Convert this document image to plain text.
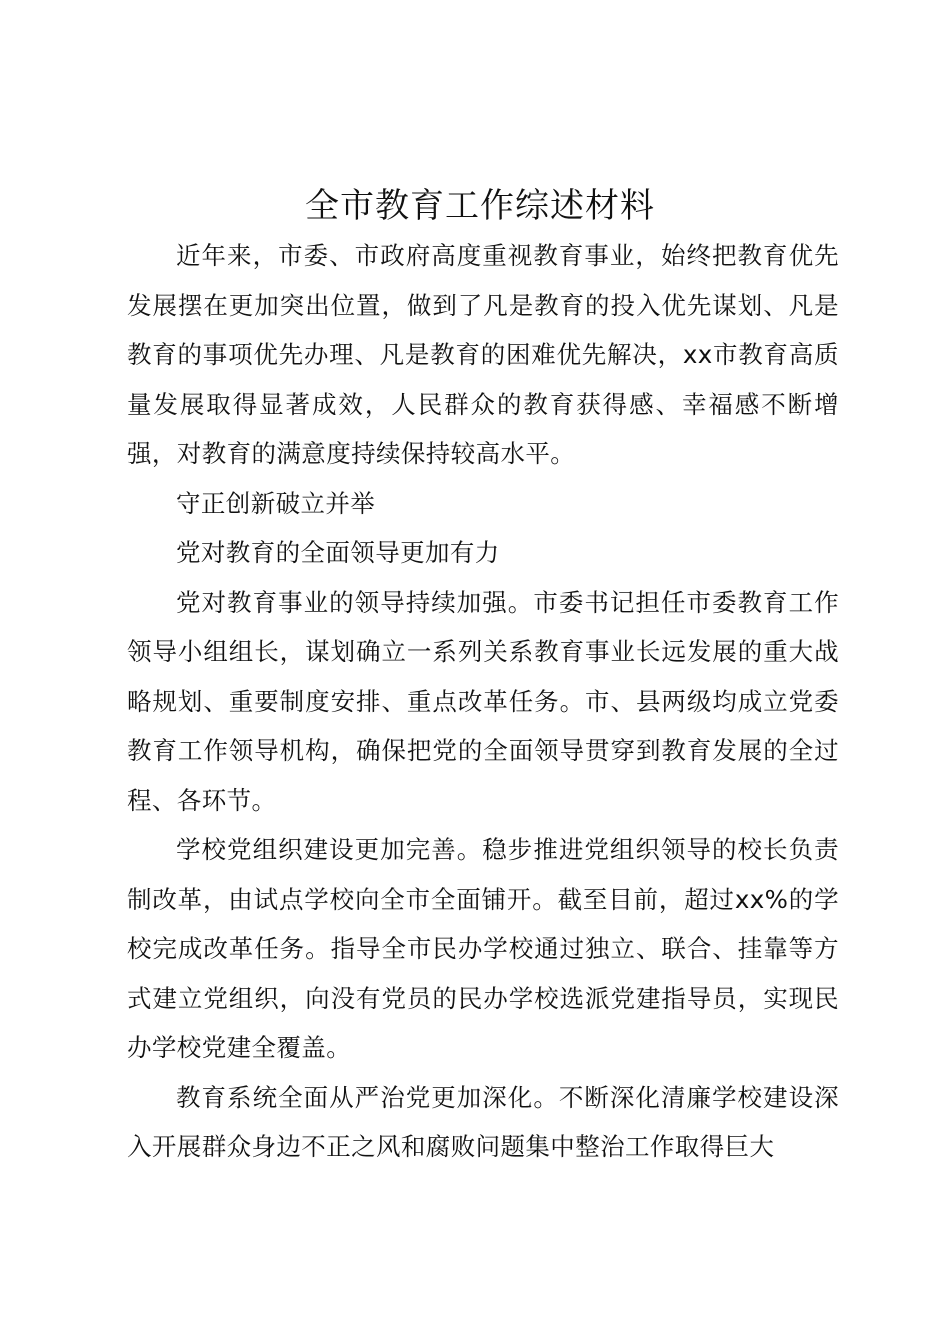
全市教育工作综述材料

近年来，市委、市政府高度重视教育事业，始终把教育优先发展摆在更加突出位置，做到了凡是教育的投入优先谋划、凡是教育的事项优先办理、凡是教育的困难优先解决，xx市教育高质量发展取得显著成效，人民群众的教育获得感、幸福感不断增强，对教育的满意度持续保持较高水平。

守正创新破立并举

党对教育的全面领导更加有力

党对教育事业的领导持续加强。市委书记担任市委教育工作领导小组组长，谋划确立一系列关系教育事业长远发展的重大战略规划、重要制度安排、重点改革任务。市、县两级均成立党委教育工作领导机构，确保把党的全面领导贯穿到教育发展的全过程、各环节。

学校党组织建设更加完善。稳步推进党组织领导的校长负责制改革，由试点学校向全市全面铺开。截至目前，超过xx%的学校完成改革任务。指导全市民办学校通过独立、联合、挂靠等方式建立党组织，向没有党员的民办学校选派党建指导员，实现民办学校党建全覆盖。

教育系统全面从严治党更加深化。不断深化清廉学校建设深入开展群众身边不正之风和腐败问题集中整治工作取得巨大
